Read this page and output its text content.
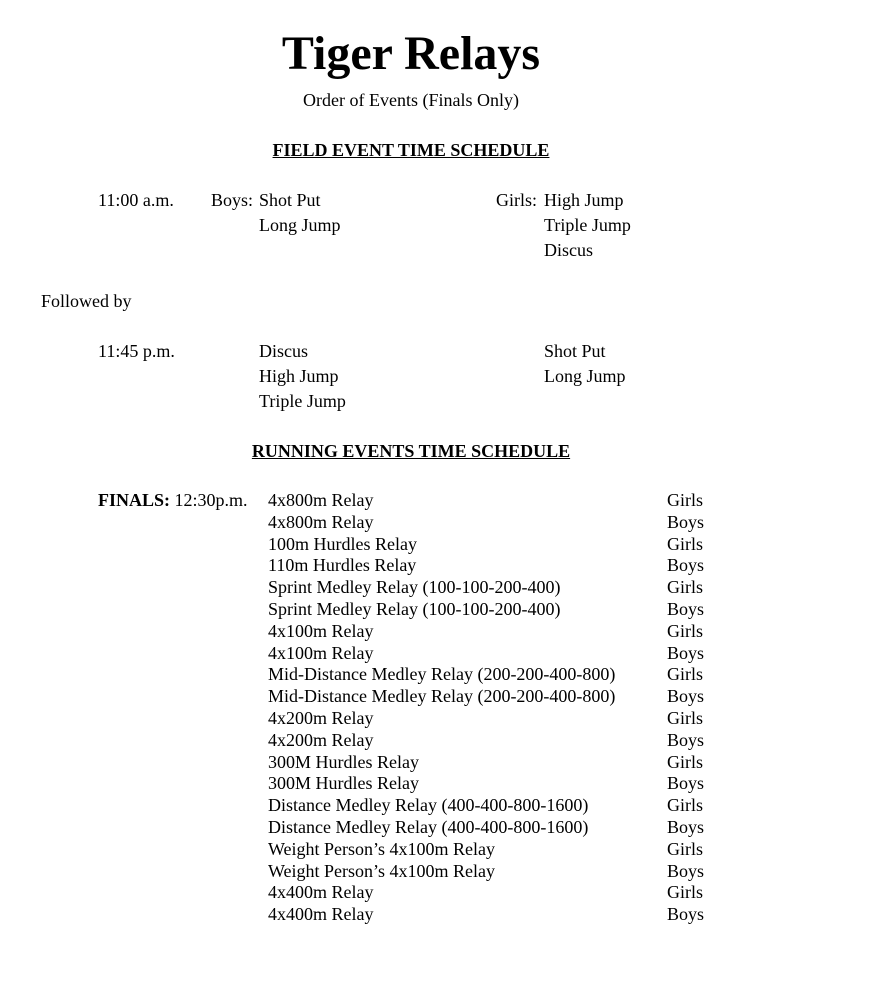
Tiger Relays
Order of Events (Finals Only)
FIELD EVENT TIME SCHEDULE
11:00 a.m. Boys: Shot Put
Long Jump
Girls: High Jump
Triple Jump
Discus
Followed by
11:45 p.m.	Discus
High Jump
Triple Jump
Shot Put
Long Jump
RUNNING EVENTS TIME SCHEDULE
FINALS: 12:30p.m. 4x800m Relay
4x800m Relay
100m Hurdles Relay
110m Hurdles Relay
Sprint Medley Relay (100-100-200-400)
Sprint Medley Relay (100-100-200-400)
4x100m Relay
4x100m Relay
Mid-Distance Medley Relay (200-200-400-800)
Mid-Distance Medley Relay (200-200-400-800)
4x200m Relay
4x200m Relay
300M Hurdles Relay
300M Hurdles Relay
Distance Medley Relay (400-400-800-1600)
Distance Medley Relay (400-400-800-1600)
Weight Person’s 4x100m Relay
Weight Person’s 4x100m Relay
4x400m Relay
4x400m Relay
Girls
Boys
Girls
Boys
Girls
Boys
Girls
Boys
Girls
Boys
Girls
Boys
Girls
Boys
Girls
Boys
Girls
Boys
Girls
Boys
